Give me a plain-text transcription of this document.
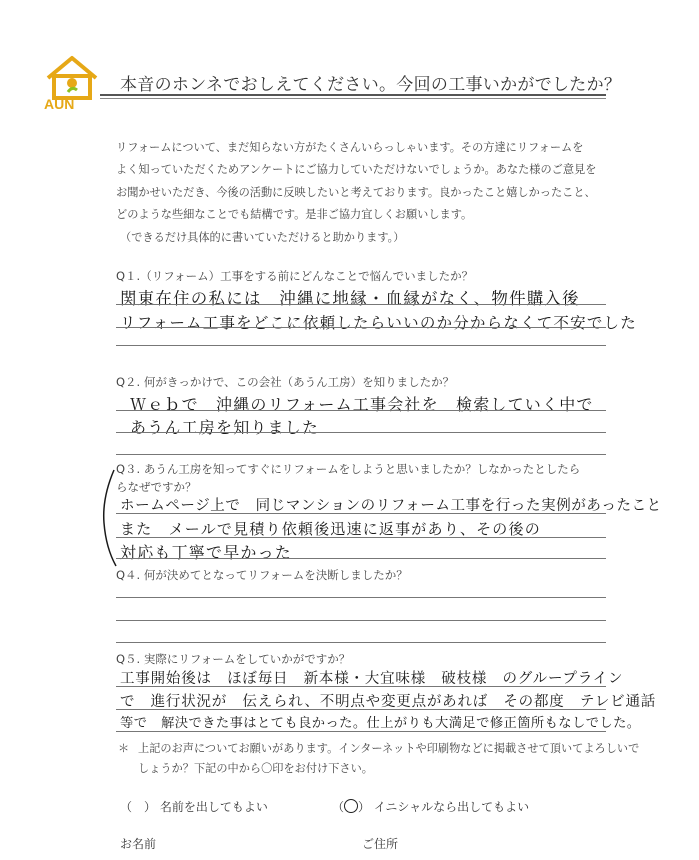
AUN
本音のホンネでおしえてください。今回の工事いかがでしたか？

リフォームについて、まだ知らない方がたくさんいらっしゃいます。その方達にリフォームを

よく知っていただくためアンケートにご協力していただけないでしょうか。あなた様のご意見を

お聞かせいただき、今後の活動に反映したいと考えております。良かったこと嬉しかったこと、

どのような些細なことでも結構です。是非ご協力宜しくお願いします。

（できるだけ具体的に書いていただけると助かります。）

Q１.（リフォーム）工事をする前にどんなことで悩んでいましたか？
関東在住の私には　沖縄に地縁・血縁がなく、物件購入後
リフォーム工事をどこに依頼したらいいのか分からなくて不安でした
Q２. 何がきっかけで、この会社（あうん工房）を知りましたか？
Ｗｅｂで　沖縄のリフォーム工事会社を　検索していく中で
あうん工房を知りました
Q３. あうん工房を知ってすぐにリフォームをしようと思いましたか？しなかったとしたら
らなぜですか？
ホームページ上で　同じマンションのリフォーム工事を行った実例があったこと
また　メールで見積り依頼後迅速に返事があり、その後の
対応も丁寧で早かった
Q４. 何が決めてとなってリフォームを決断しましたか？
Q５. 実際にリフォームをしていかがですか？
工事開始後は　ほぼ毎日　新本様・大宜味様　破枝様　のグループライン
で　進行状況が　伝えられ、不明点や変更点があれば　その都度　テレビ通話
等で　解決できた事はとても良かった。仕上がりも大満足で修正箇所もなしでした。
＊ 上記のお声についてお願いがあります。インターネットや印刷物などに掲載させて頂いてよろしいで
しょうか？下記の中から〇印をお付け下さい。
（　） 名前を出してもよい	（○） イニシャルなら出してもよい
お名前	ご住所
